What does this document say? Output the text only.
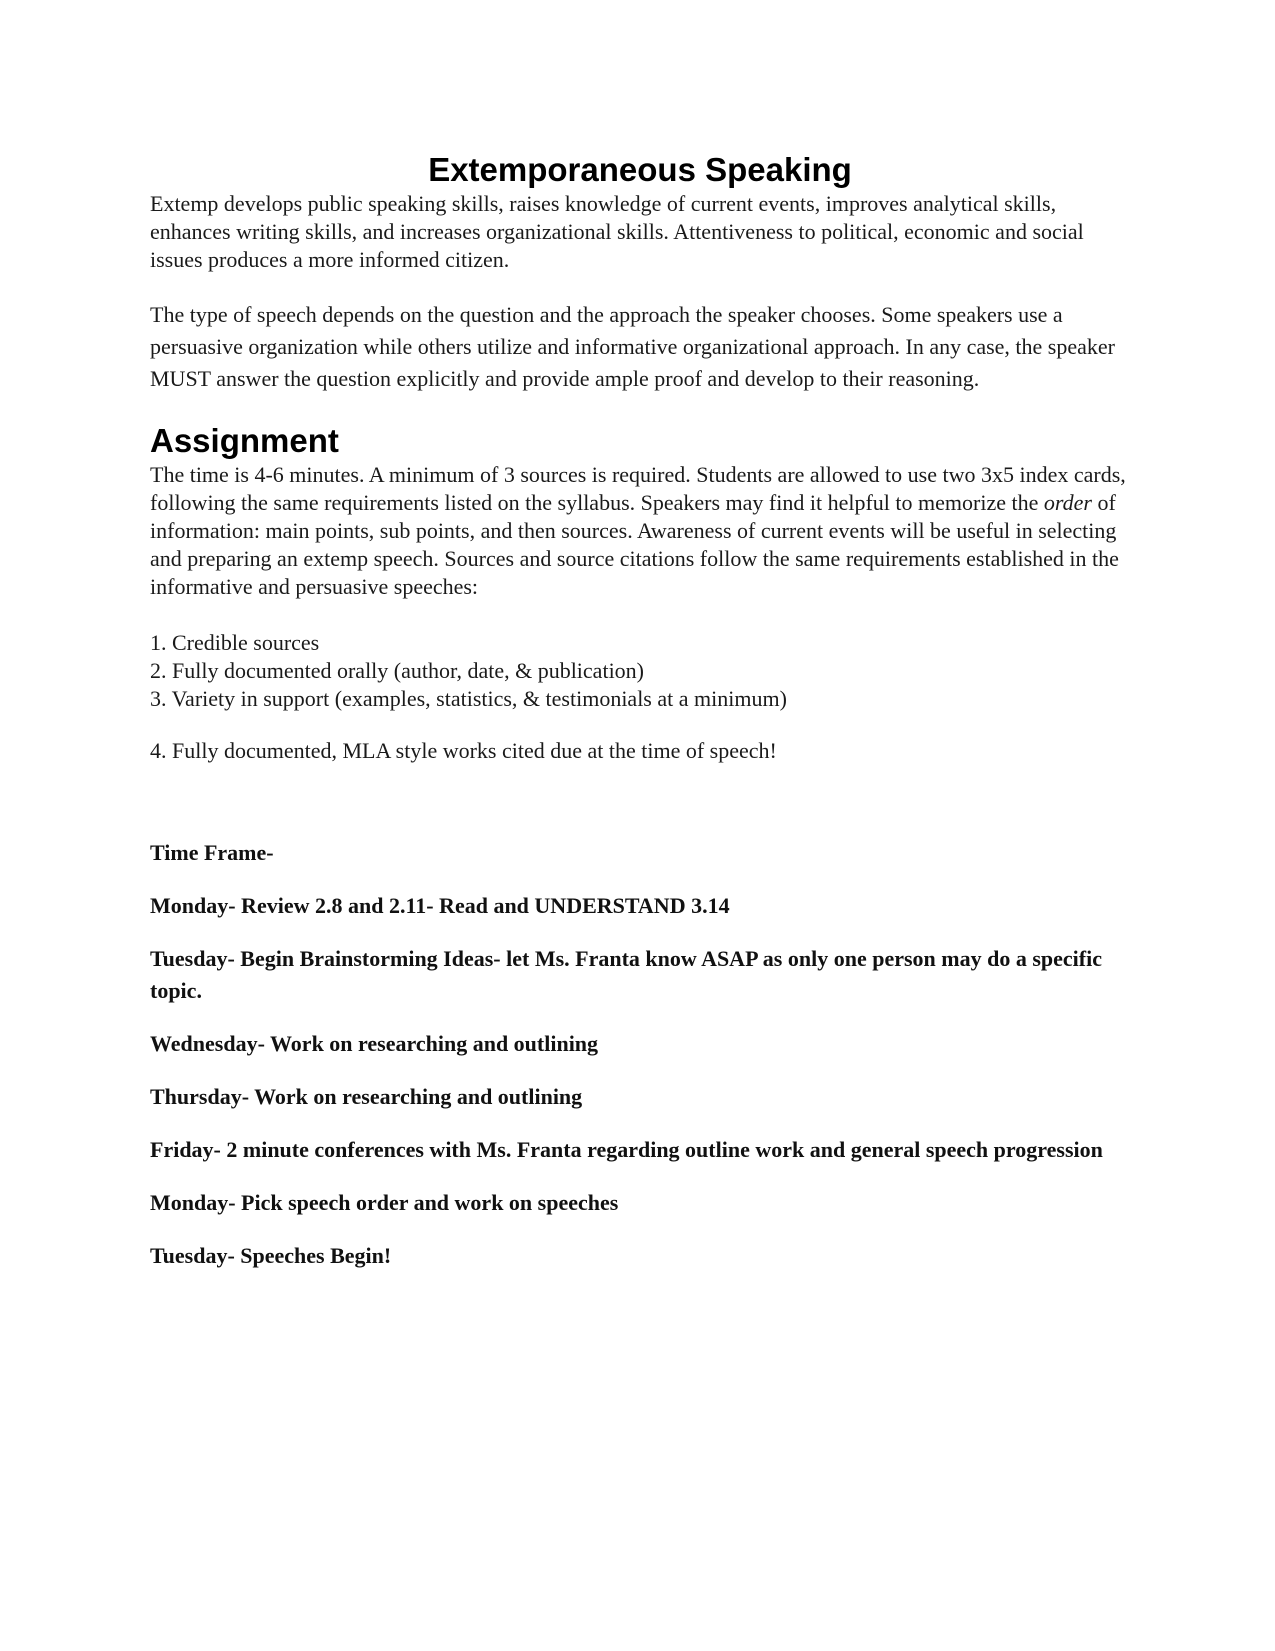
Extemporaneous Speaking

Extemp develops public speaking skills, raises knowledge of current events, improves analytical skills, enhances writing skills, and increases organizational skills. Attentiveness to political, economic and social issues produces a more informed citizen.

The type of speech depends on the question and the approach the speaker chooses. Some speakers use a persuasive organization while others utilize and informative organizational approach. In any case, the speaker MUST answer the question explicitly and provide ample proof and develop to their reasoning.

Assignment

The time is 4-6 minutes. A minimum of 3 sources is required. Students are allowed to use two 3x5 index cards, following the same requirements listed on the syllabus. Speakers may find it helpful to memorize the order of information: main points, sub points, and then sources. Awareness of current events will be useful in selecting and preparing an extemp speech. Sources and source citations follow the same requirements established in the informative and persuasive speeches:

1. Credible sources
2. Fully documented orally (author, date, & publication)
3. Variety in support (examples, statistics, & testimonials at a minimum)
4. Fully documented, MLA style works cited due at the time of speech!

Time Frame-

Monday- Review 2.8 and 2.11- Read and UNDERSTAND 3.14

Tuesday- Begin Brainstorming Ideas- let Ms. Franta know ASAP as only one person may do a specific topic.

Wednesday- Work on researching and outlining

Thursday- Work on researching and outlining

Friday- 2 minute conferences with Ms. Franta regarding outline work and general speech progression

Monday- Pick speech order and work on speeches

Tuesday- Speeches Begin!
